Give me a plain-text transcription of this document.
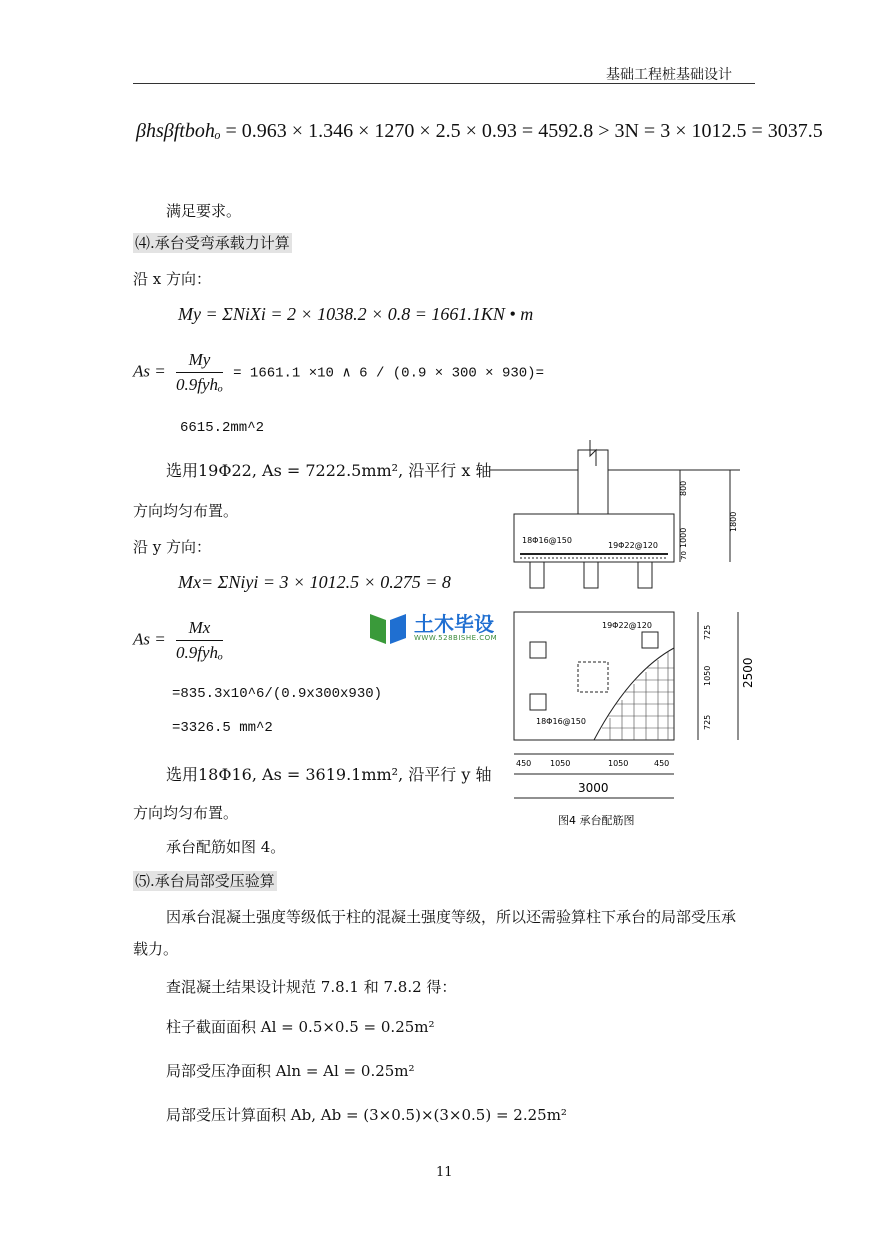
基础工程桩基础设计
βhsβftbohₒ = 0.963 × 1.346 × 1270 × 2.5 × 0.93 = 4592.8 > 3N = 3 × 1012.5 = 3037.5
满足要求。
⑷.承台受弯承载力计算
沿 x 方向：
My = ΣNiXi = 2 × 1038.2 × 0.8 = 1661.1KN • m
$As = \frac{My}{\text{0.9fyhₒ}} = 1661.1 \times 10$ ∧ 6 / (0.9 × 300 × 930)=
6615.2mm^2
选用19Φ22, As = 7222.5mm², 沿平行 x 轴
方向均匀布置。
沿 y 方向：
Mx= ΣNiyi = 3 × 1012.5 × 0.275 = 8
$As = \frac{Mx}{\text{0.9fyhₒ}}$
=835.3x10^6/(0.9x300x930)
=3326.5 mm^2
选用18Φ16, As = 3619.1mm², 沿平行 y 轴
方向均匀布置。
承台配筋如图 4。
⑸.承台局部受压验算
因承台混凝土强度等级低于柱的混凝土强度等级，所以还需验算柱下承台的局部受压承
载力。
查混凝土结果设计规范 7.8.1 和 7.8.2 得：
柱子截面面积 Al = 0.5×0.5 = 0.25m²
局部受压净面积 Aln = Al = 0.25m²
局部受压计算面积 Ab, Ab = (3×0.5)×(3×0.5) = 2.25m²
18Φ16@150
19Φ22@120
800
1000
1800
70
19Φ22@120
18Φ16@150
725
1050
725
2500
450 1050	1050	450
3000
图4 承台配筋图
土木毕设
WWW.528BISHE.COM
11
